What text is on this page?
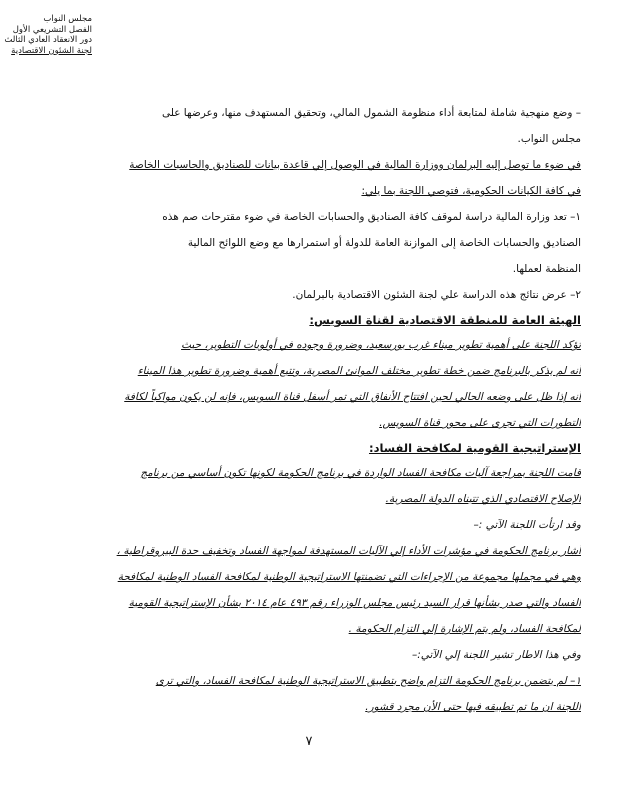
مجلس النواب
الفصل التشريعي الأول
دور الانعقاد العادي الثالث
لجنة الشئون الاقتصادية
– وضع منهجية شاملة لمتابعة أداء منظومة الشمول المالي، وتحقيق المستهدف منها، وعرضها على
مجلس النواب.
في ضوء ما توصل إليه البرلمان ووزارة المالية في الوصول إلي قاعدة بيانات للصناديق والحاسبات الخاصة
في كافة الكيانات الحكومية، فتوصي اللجنة بما يلي:
١– تعد وزارة المالية دراسة لموقف كافة الصناديق والحسابات الخاصة في ضوء مقترحات صم هذه
الصناديق والحسابات الخاصة إلى الموازنة العامة للدولة أو استمرارها مع وضع اللوائح المالية
المنظمة لعملها.
٢– عرض نتائج هذه الدراسة علي لجنة الشئون الاقتصادية بالبرلمان.
الهيئة العامة للمنطقة الاقتصادية لقناة السويس:
تؤكد اللجنة على أهمية تطوير ميناء غرب بورسعيد، وضرورة وجوده في أولويات التطوير، حيث
أنه لم يذكر بالبرنامج ضمن خطة تطوير مختلف الموانئ المصرية، وتتبع أهمية وضرورة تطوير هذا الميناء
أنه إذا ظل على وضعه الحالي لحين افتتاح الأنفاق التي تمر أسفل قناة السويس، فإنه لن يكون مواكباً لكافة
التطورات التي تجرى على محور قناة السويس.
الإستراتيجية القومية لمكافحة الفساد:
قامت اللجنة بمراجعة آليات مكافحة الفساد الواردة في برنامج الحكومة لكونها تكون أساسي من برنامج
الإصلاح الاقتصادي الذي تتبناه الدولة المصرية.
وقد ارتأت اللجنة الآتي :–
أشار برنامج الحكومة في مؤشرات الأداء إلي الآليات المستهدفة لمواجهة الفساد وتخفيف حدة البيروقراطية ،
وهي في مجملها مجموعة من الإجراءات التي تضمنتها الاستراتيجية الوطنية لمكافحة الفساد الوطنية لمكافحة
الفساد والتي صدر بشأنها قرار السيد رئيس مجلس الوزراء رقم ٤٩٣ عام ٢٠١٤ بشأن الإستراتيجية القومية
لمكافحة الفساد، ولم يتم الإشارة إلي التزام الحكومة .
وفي هذا الاطار تشير اللجنة إلي الآتي:–
١– لم يتضمن برنامج الحكومة التزام واضح بتطبيق الاستراتيجية الوطنية لمكافحة الفساد، والتي ترى
اللجنة ان ما تم تطبيقه فيها حتى الأن مجرد قشور.
٧
